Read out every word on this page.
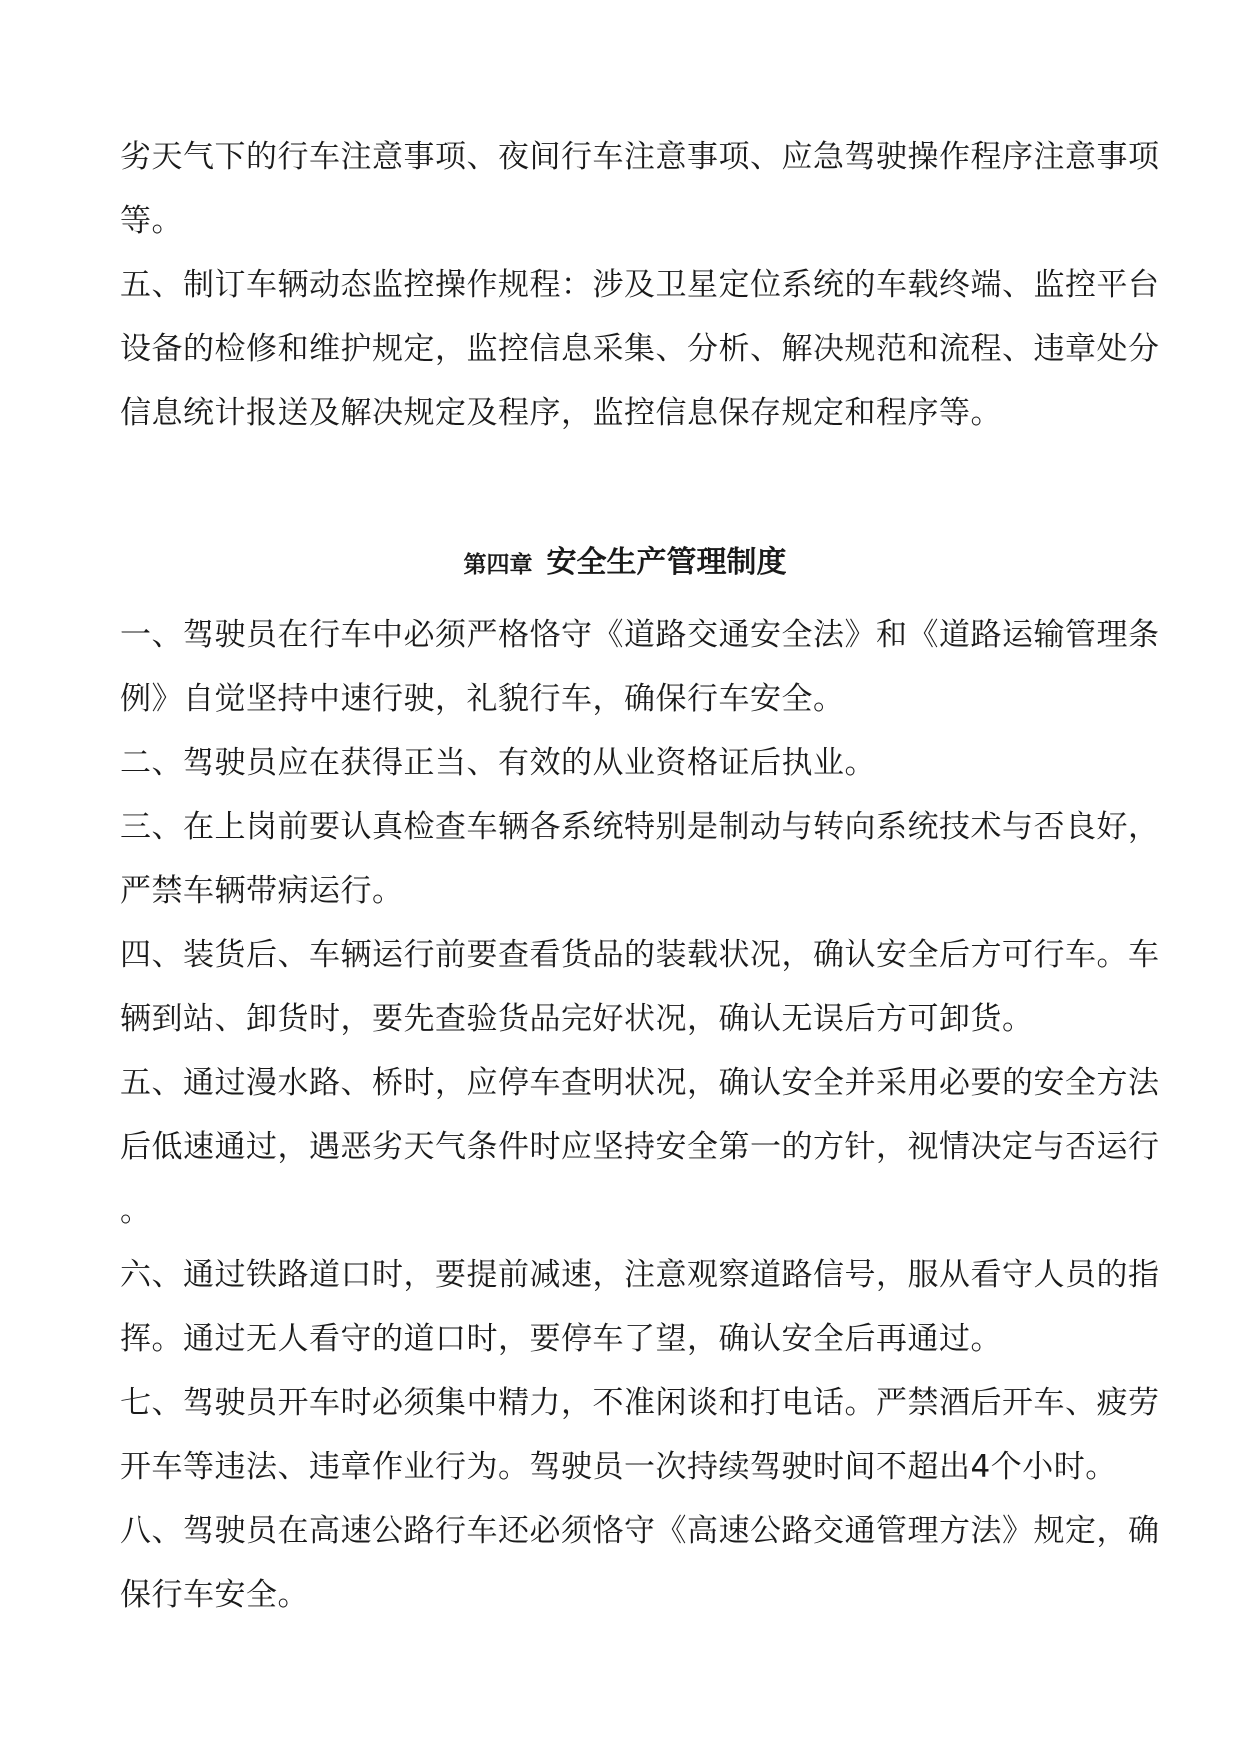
劣天气下的行车注意事项、夜间行车注意事项、应急驾驶操作程序注意事项

等。

五、制订车辆动态监控操作规程：涉及卫星定位系统的车载终端、监控平台

设备的检修和维护规定，监控信息采集、分析、解决规范和流程、违章处分

信息统计报送及解决规定及程序，监控信息保存规定和程序等。

第四章 安全生产管理制度

一、驾驶员在行车中必须严格恪守《道路交通安全法》和《道路运输管理条

例》自觉坚持中速行驶，礼貌行车，确保行车安全。

二、驾驶员应在获得正当、有效的从业资格证后执业。

三、在上岗前要认真检查车辆各系统特别是制动与转向系统技术与否良好，

严禁车辆带病运行。

四、装货后、车辆运行前要查看货品的装载状况，确认安全后方可行车。车

辆到站、卸货时，要先查验货品完好状况，确认无误后方可卸货。

五、通过漫水路、桥时，应停车查明状况，确认安全并采用必要的安全方法

后低速通过，遇恶劣天气条件时应坚持安全第一的方针，视情决定与否运行

。

六、通过铁路道口时，要提前减速，注意观察道路信号，服从看守人员的指

挥。通过无人看守的道口时，要停车了望，确认安全后再通过。

七、驾驶员开车时必须集中精力，不准闲谈和打电话。严禁酒后开车、疲劳

开车等违法、违章作业行为。驾驶员一次持续驾驶时间不超出4个小时。

八、驾驶员在高速公路行车还必须恪守《高速公路交通管理方法》规定，确

保行车安全。
